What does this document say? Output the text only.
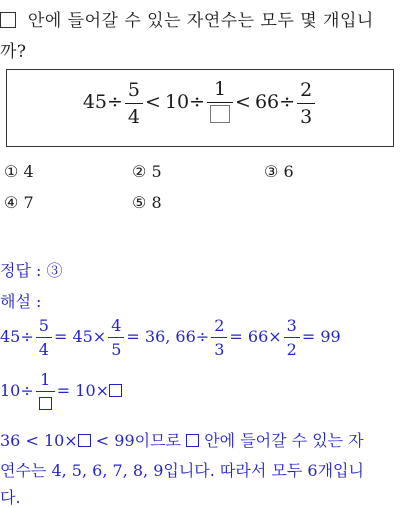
안에 들어갈 수 있는 자연수는 모두 몇 개입니
까?
$45\div \frac{5}{4} < 10\div$
1
< $66\div \frac{2}{3}$
① 4	② 5	③ 6
④ 7	⑤ 8
정답 : ③
해설 :
$45\div \frac{5}{4} = 45\times \frac{4}{5} = 36$, $66\div \frac{2}{3} = 66\times \frac{3}{2} = 99$
10÷
1
= 10×
36 < 10× < 99이므로  안에 들어갈 수 있는 자
연수는 4, 5, 6, 7, 8, 9입니다. 따라서 모두 6개입니
다.
